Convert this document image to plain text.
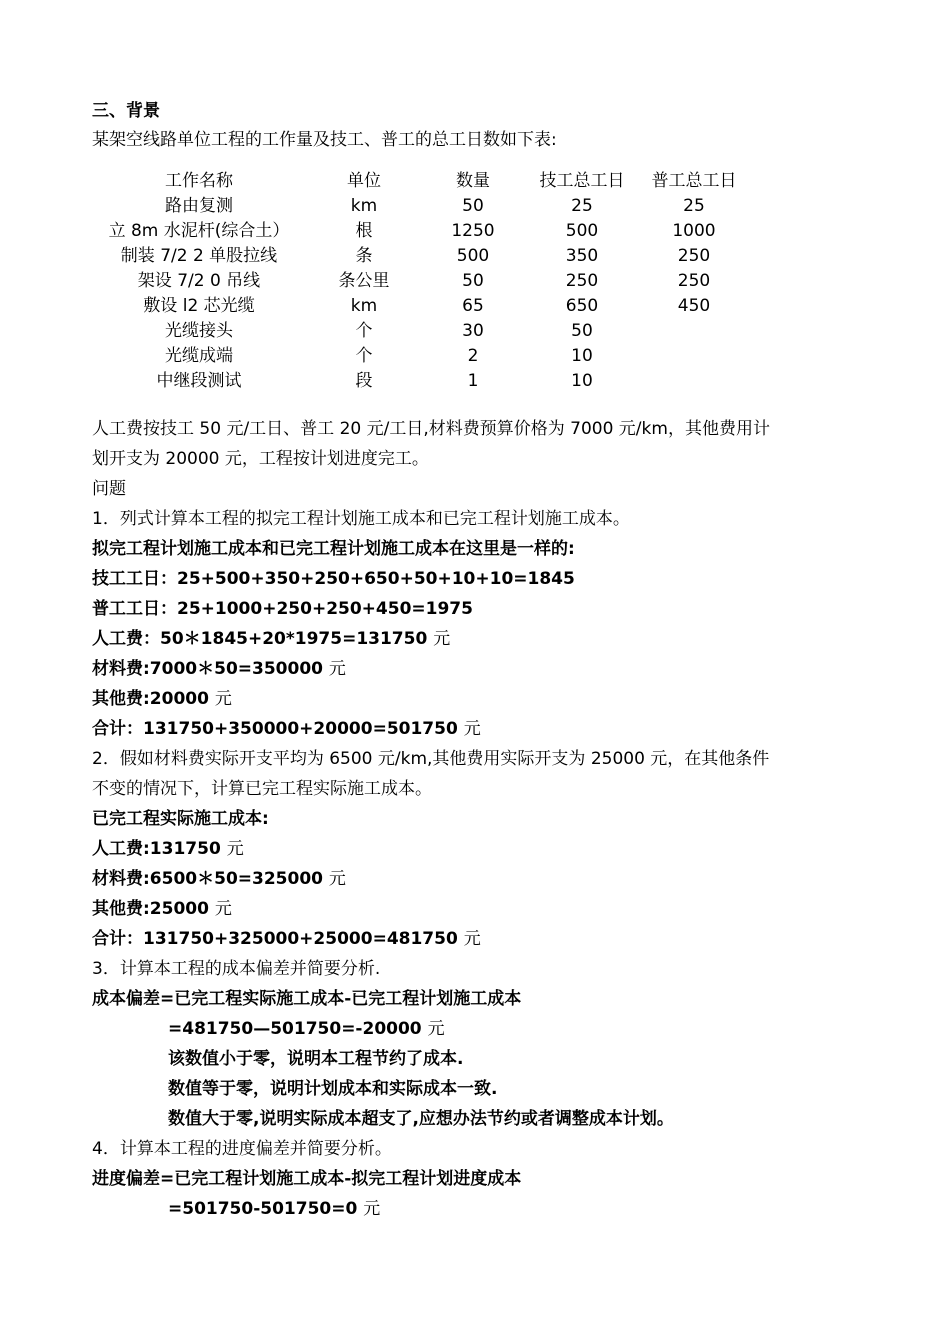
三、背景
某架空线路单位工程的工作量及技工、普工的总工日数如下表:
工作名称	单位	数量	技工总工日	普工总工日
路由复测	km	50	25	25
立 8m 水泥杆(综合土）	根	1250	500	1000
制装 7/2 2 单股拉线	条	500	350	250
架设 7/2 0 吊线	条公里	50	250	250
敷设 l2 芯光缆	km	65	650	450
光缆接头	个	30	50	
光缆成端	个	2	10	
中继段测试	段	1	10	
人工费按技工 50 元/工日、普工 20 元/工日,材料费预算价格为 7000 元/km，其他费用计
划开支为 20000 元，工程按计划进度完工。
问题
1．列式计算本工程的拟完工程计划施工成本和已完工程计划施工成本。
拟完工程计划施工成本和已完工程计划施工成本在这里是一样的:
技工工日：25+500+350+250+650+50+10+10=1845
普工工日：25+1000+250+250+450=1975
人工费：50＊1845+20*1975=131750 元
材料费:7000＊50=350000 元
其他费:20000 元
合计：131750+350000+20000=501750 元
2．假如材料费实际开支平均为 6500 元/km,其他费用实际开支为 25000 元，在其他条件
不变的情况下，计算已完工程实际施工成本。
已完工程实际施工成本:
人工费:131750 元
材料费:6500＊50=325000 元
其他费:25000 元
合计：131750+325000+25000=481750 元
3．计算本工程的成本偏差并简要分析.
成本偏差=已完工程实际施工成本-已完工程计划施工成本
=481750—501750=-20000 元
该数值小于零，说明本工程节约了成本.
数值等于零，说明计划成本和实际成本一致.
数值大于零,说明实际成本超支了,应想办法节约或者调整成本计划。
4．计算本工程的进度偏差并简要分析。
进度偏差=已完工程计划施工成本-拟完工程计划进度成本
=501750-501750=0 元
